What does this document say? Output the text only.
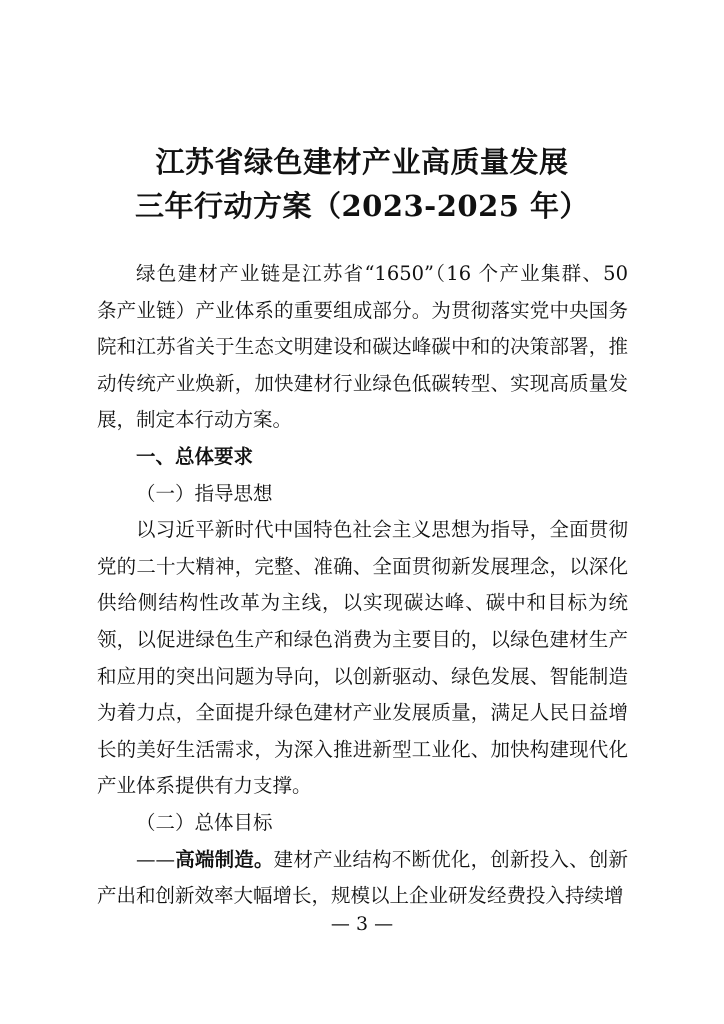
江苏省绿色建材产业高质量发展
三年行动方案（2023-2025 年）

绿色建材产业链是江苏省“1650”（16 个产业集群、50 条产业链）产业体系的重要组成部分。为贯彻落实党中央国务院和江苏省关于生态文明建设和碳达峰碳中和的决策部署，推动传统产业焕新，加快建材行业绿色低碳转型、实现高质量发展，制定本行动方案。

一、总体要求

（一）指导思想

以习近平新时代中国特色社会主义思想为指导，全面贯彻党的二十大精神，完整、准确、全面贯彻新发展理念，以深化供给侧结构性改革为主线，以实现碳达峰、碳中和目标为统领，以促进绿色生产和绿色消费为主要目的，以绿色建材生产和应用的突出问题为导向，以创新驱动、绿色发展、智能制造为着力点，全面提升绿色建材产业发展质量，满足人民日益增长的美好生活需求，为深入推进新型工业化、加快构建现代化产业体系提供有力支撑。

（二）总体目标

——高端制造。建材产业结构不断优化，创新投入、创新产出和创新效率大幅增长，规模以上企业研发经费投入持续增

— 3 —
